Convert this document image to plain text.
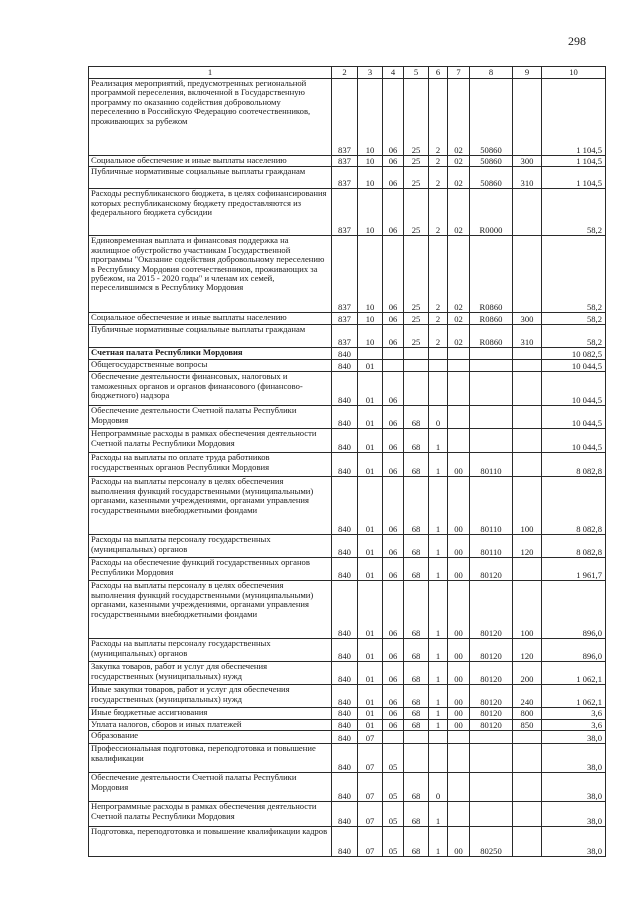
298
1	2	3	4	5	6	7	8	9	10
Реализация мероприятий, предусмотренных региональной программой переселения, включенной в Государственную программу по оказанию содействия добровольному переселению в Российскую Федерацию соотечественников, проживающих за рубежом	837	10	06	25	2	02	50860		1 104,5
Социальное обеспечение и иные выплаты населению	837	10	06	25	2	02	50860	300	1 104,5
Публичные нормативные социальные выплаты гражданам	837	10	06	25	2	02	50860	310	1 104,5
Расходы республиканского бюджета, в целях софинансирования которых республиканскому бюджету предоставляются из федерального бюджета субсидии	837	10	06	25	2	02	R0000		58,2
Единовременная выплата и финансовая поддержка на жилищное обустройство участникам Государственной программы "Оказание содействия добровольному переселению в Республику Мордовия соотечественников, проживающих за рубежом, на 2015 - 2020 годы" и членам их семей, переселившимся в Республику Мордовия	837	10	06	25	2	02	R0860		58,2
Социальное обеспечение и иные выплаты населению	837	10	06	25	2	02	R0860	300	58,2
Публичные нормативные социальные выплаты гражданам	837	10	06	25	2	02	R0860	310	58,2
Счетная палата Республики Мордовия	840								10 082,5
Общегосударственные вопросы	840	01							10 044,5
Обеспечение деятельности финансовых, налоговых и таможенных органов и органов финансового (финансово-бюджетного) надзора	840	01	06						10 044,5
Обеспечение деятельности Счетной палаты Республики Мордовия	840	01	06	68	0				10 044,5
Непрограммные расходы в рамках обеспечения деятельности Счетной палаты Республики Мордовия	840	01	06	68	1				10 044,5
Расходы на выплаты по оплате труда работников государственных органов Республики Мордовия	840	01	06	68	1	00	80110		8 082,8
Расходы на выплаты персоналу в целях обеспечения выполнения функций государственными (муниципальными) органами, казенными учреждениями, органами управления государственными внебюджетными фондами	840	01	06	68	1	00	80110	100	8 082,8
Расходы на выплаты персоналу государственных (муниципальных) органов	840	01	06	68	1	00	80110	120	8 082,8
Расходы на обеспечение функций государственных органов Республики Мордовия	840	01	06	68	1	00	80120		1 961,7
Расходы на выплаты персоналу в целях обеспечения выполнения функций государственными (муниципальными) органами, казенными учреждениями, органами управления государственными внебюджетными фондами	840	01	06	68	1	00	80120	100	896,0
Расходы на выплаты персоналу государственных (муниципальных) органов	840	01	06	68	1	00	80120	120	896,0
Закупка товаров, работ и услуг для обеспечения государственных (муниципальных) нужд	840	01	06	68	1	00	80120	200	1 062,1
Иные закупки товаров, работ и услуг для обеспечения государственных (муниципальных) нужд	840	01	06	68	1	00	80120	240	1 062,1
Иные бюджетные ассигнования	840	01	06	68	1	00	80120	800	3,6
Уплата налогов, сборов и иных платежей	840	01	06	68	1	00	80120	850	3,6
Образование	840	07							38,0
Профессиональная подготовка, переподготовка и повышение квалификации	840	07	05						38,0
Обеспечение деятельности Счетной палаты Республики Мордовия	840	07	05	68	0				38,0
Непрограммные расходы в рамках обеспечения деятельности Счетной палаты Республики Мордовия	840	07	05	68	1				38,0
Подготовка, переподготовка и повышение квалификации кадров	840	07	05	68	1	00	80250		38,0
